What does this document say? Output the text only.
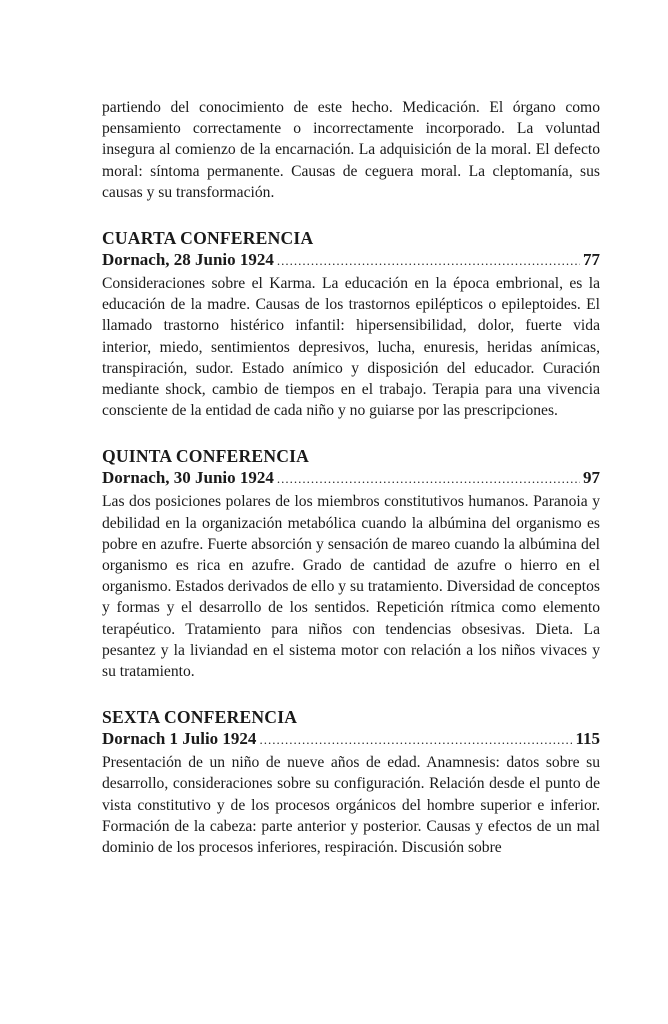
partiendo del conocimiento de este hecho. Medicación. El órgano como pensamiento correctamente o incorrectamente incorporado. La voluntad insegura al comienzo de la encarnación. La adquisición de la moral. El defecto moral: síntoma permanente. Causas de ceguera moral. La cleptomanía, sus causas y su transformación.

CUARTA CONFERENCIA

Dornach, 28 Junio 1924 .....	77

Consideraciones sobre el Karma. La educación en la época embrional, es la educación de la madre. Causas de los trastornos epilépticos o epileptoides. El llamado trastorno histérico infantil: hipersensibilidad, dolor, fuerte vida interior, miedo, sentimientos depresivos, lucha, enuresis, heridas anímicas, transpiración, sudor. Estado anímico y disposición del educador. Curación mediante shock, cambio de tiempos en el trabajo. Terapia para una vivencia consciente de la entidad de cada niño y no guiarse por las prescripciones.

QUINTA CONFERENCIA

Dornach, 30 Junio 1924 .....	97

Las dos posiciones polares de los miembros constitutivos humanos. Paranoia y debilidad en la organización metabólica cuando la albúmina del organismo es pobre en azufre. Fuerte absorción y sensación de mareo cuando la albúmina del organismo es rica en azufre. Grado de cantidad de azufre o hierro en el organismo. Estados derivados de ello y su tratamiento. Diversidad de conceptos y formas y el desarrollo de los sentidos. Repetición rítmica como elemento terapéutico. Tratamiento para niños con tendencias obsesivas. Dieta. La pesantez y la liviandad en el sistema motor con relación a los niños vivaces y su tratamiento.

SEXTA CONFERENCIA

Dornach 1 Julio 1924 .....	115

Presentación de un niño de nueve años de edad. Anamnesis: datos sobre su desarrollo, consideraciones sobre su configuración. Relación desde el punto de vista constitutivo y de los procesos orgánicos del hombre superior e inferior. Formación de la cabeza: parte anterior y posterior. Causas y efectos de un mal dominio de los procesos inferiores, respiración. Discusión sobre
